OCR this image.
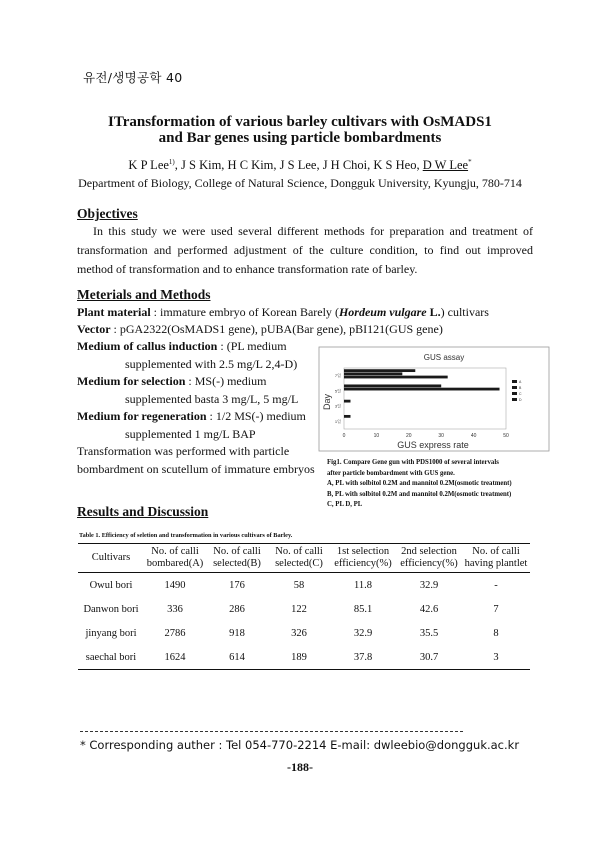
유전/생명공학 40
ITransformation of various barley cultivars with OsMADS1
and Bar genes using particle bombardments
K P Lee$^{1)}$, J S Kim, H C Kim, J S Lee, J H Choi, K S Heo, D W Lee*
Department of Biology, College of Natural Science, Dongguk University, Kyungju, 780-714
Objectives
In this study we were used several different methods for preparation and treatment of transformation and performed adjustment of the culture condition, to find out improved method of transformation and to enhance transformation rate of barley.
Meterials and Methods
Plant material : immature embryo of Korean Barely (Hordeum vulgare L.) cultivars
Vector : pGA2322(OsMADS1 gene), pUBA(Bar gene), pBI121(GUS gene)
Medium of callus induction : (PL medium
supplemented with 2.5 mg/L 2,4-D)
Medium for selection : MS(-) medium
supplemented basta 3 mg/L, 5 mg/L
Medium for regeneration : 1/2 MS(-) medium
supplemented 1 mg/L BAP
Transformation was performed with particle bombardment on scutellum of immature embryos
GUS assay
Day
GUS express rate
0	10	20	30	40	50
1일
3일
5일
7일
A
B
C
D
Fig1. Compare Gene gun with PDS1000 of several intervals
after particle bombardment with GUS gene.
A, PL with solbitol 0.2M and mannitol 0.2M(osmotic treatment)
B, PL with solbitol 0.2M and mannitol 0.2M(osmotic treatment)
C, PL D, PL
Results and Discussion
Table 1. Efficiency of seletion and transformation in various cultivars of Barley.
Cultivars	No. of calli bombared(A)	No. of calli selected(B)	No. of calli selected(C)	1st selection efficiency(%)	2nd selection efficiency(%)	No. of calli having plantlet
Owul bori	1490	176	58	11.8	32.9	-
Danwon bori	336	286	122	85.1	42.6	7
jinyang bori	2786	918	326	32.9	35.5	8
saechal bori	1624	614	189	37.8	30.7	3
* Corresponding auther : Tel 054-770-2214 E-mail: dwleebio@dongguk.ac.kr
-188-
